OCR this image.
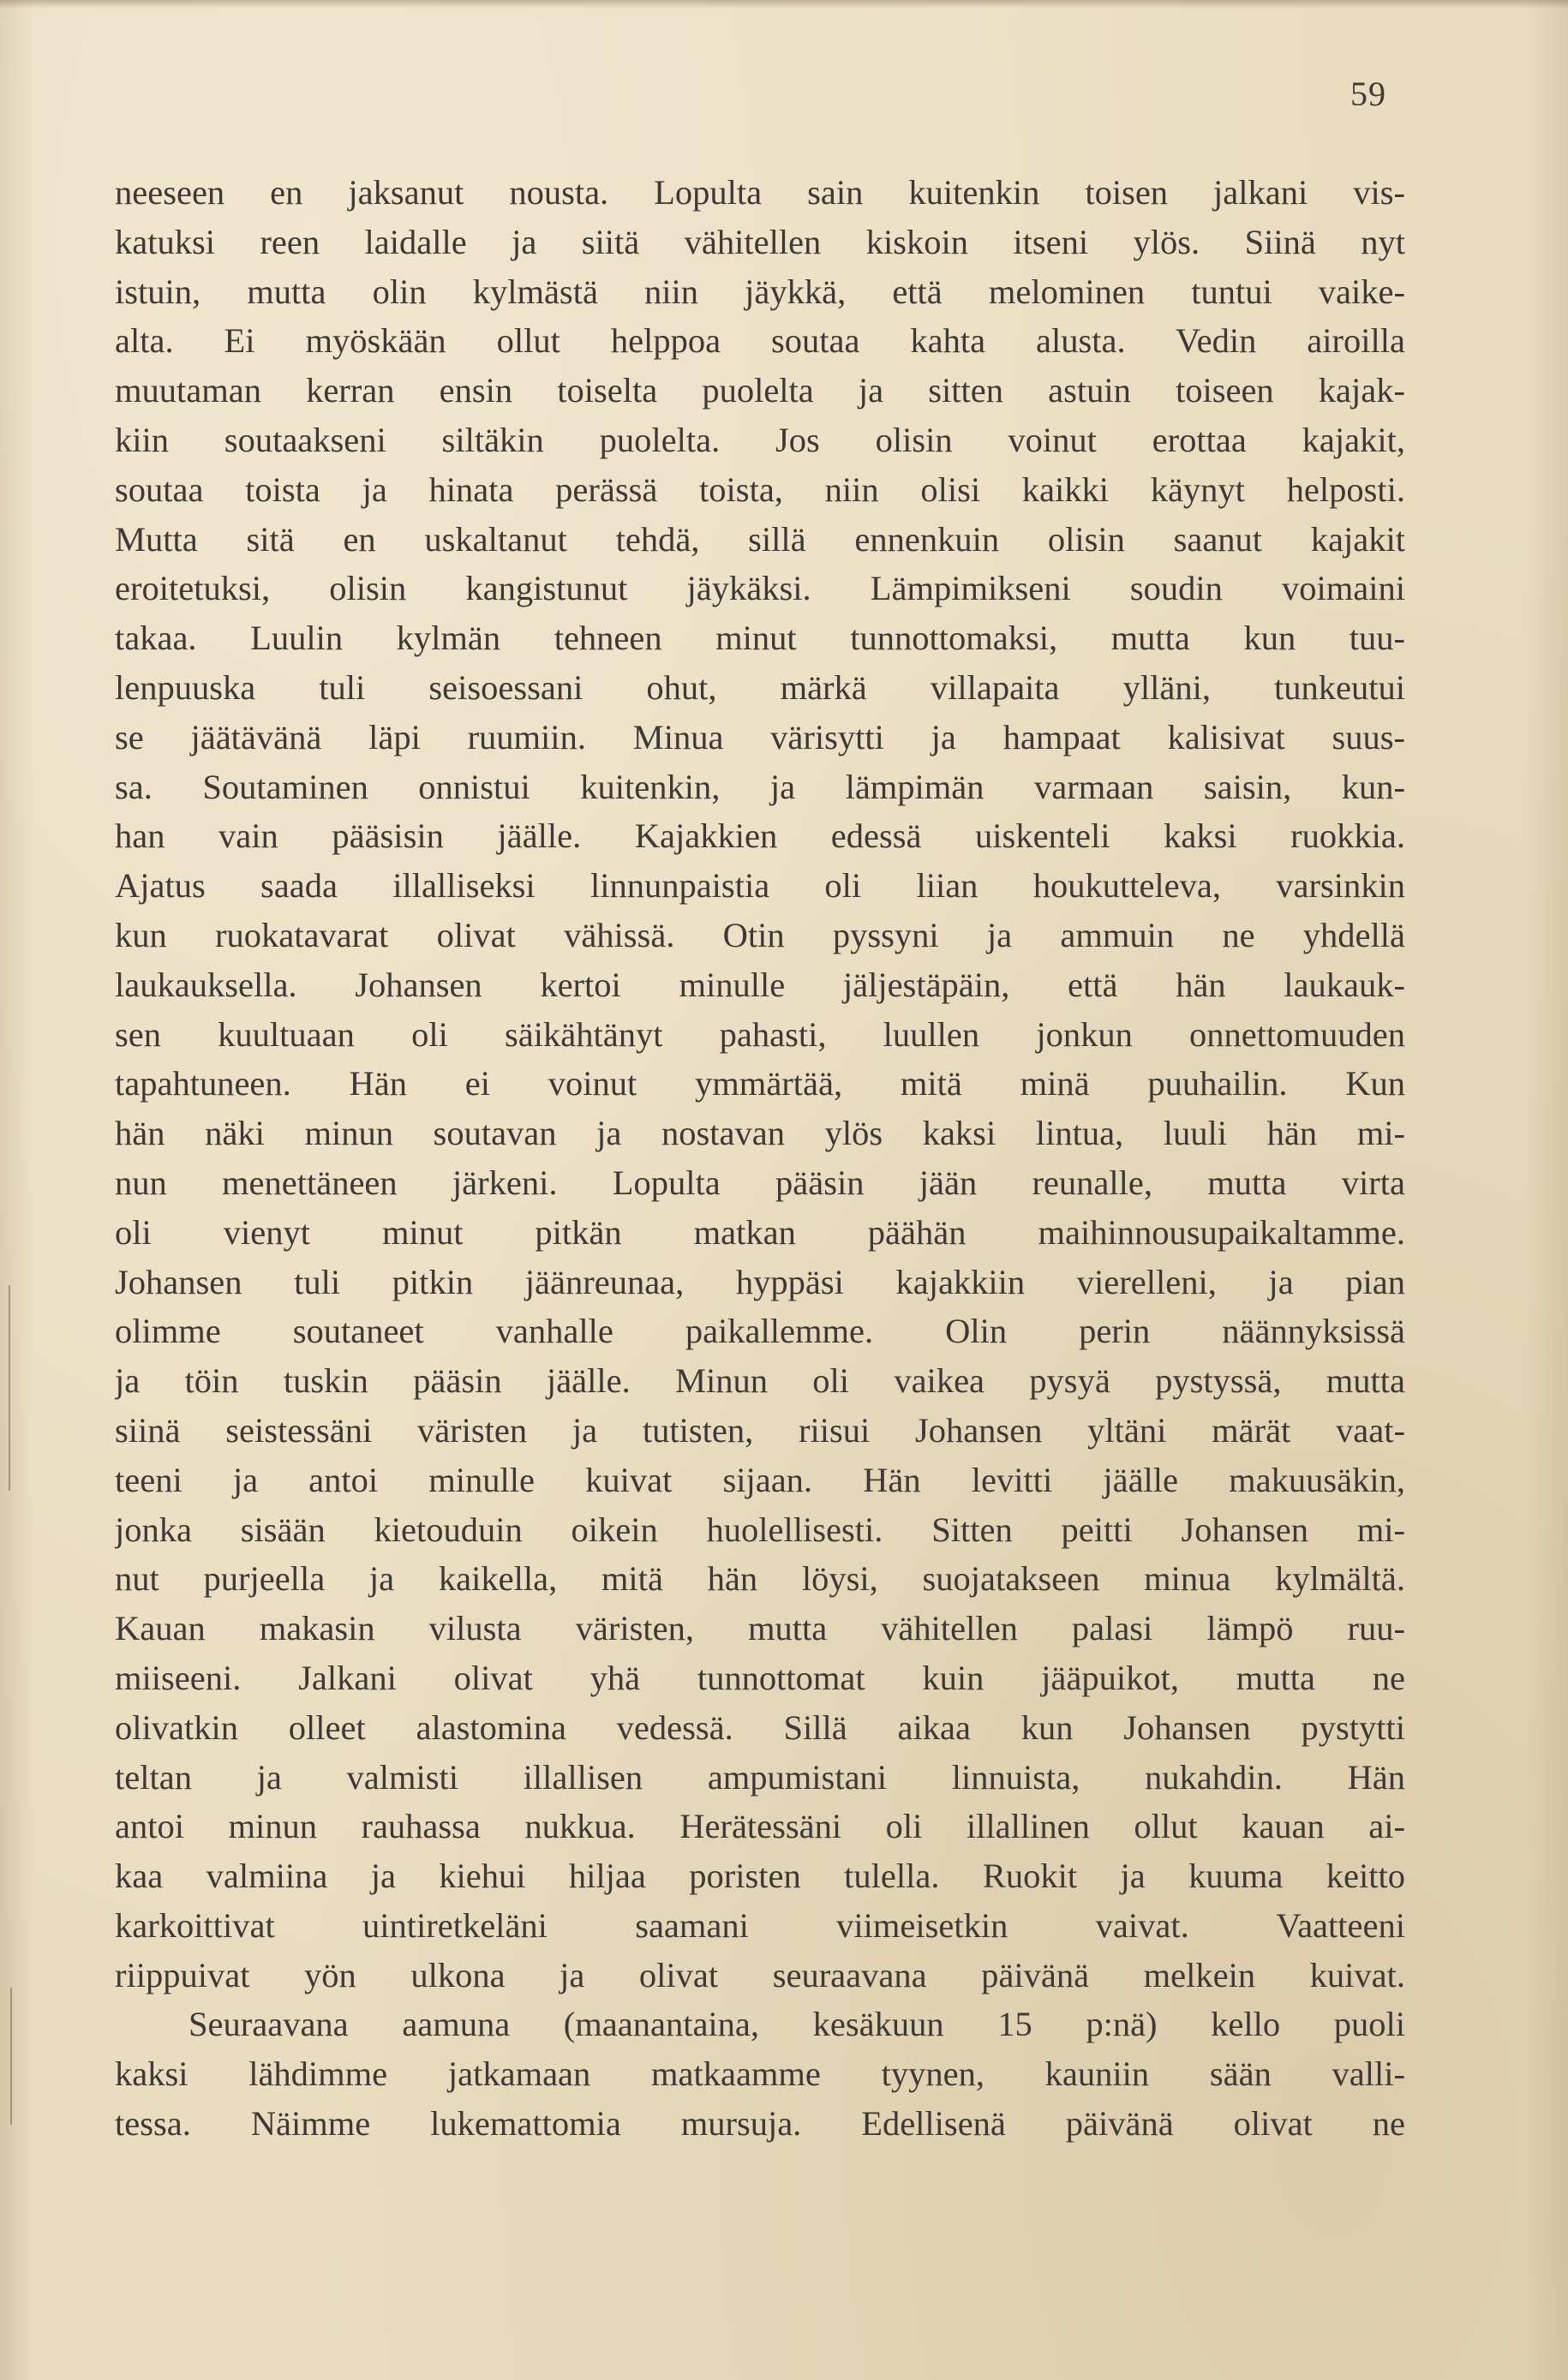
59
neeseen en jaksanut nousta. Lopulta sain kuitenkin toisen jalkani vis-
katuksi reen laidalle ja siitä vähitellen kiskoin itseni ylös. Siinä nyt
istuin, mutta olin kylmästä niin jäykkä, että melominen tuntui vaike-
alta. Ei myöskään ollut helppoa soutaa kahta alusta. Vedin airoilla
muutaman kerran ensin toiselta puolelta ja sitten astuin toiseen kajak-
kiin soutaakseni siltäkin puolelta. Jos olisin voinut erottaa kajakit,
soutaa toista ja hinata perässä toista, niin olisi kaikki käynyt helposti.
Mutta sitä en uskaltanut tehdä, sillä ennenkuin olisin saanut kajakit
eroitetuksi, olisin kangistunut jäykäksi. Lämpimikseni soudin voimaini
takaa. Luulin kylmän tehneen minut tunnottomaksi, mutta kun tuu-
lenpuuska tuli seisoessani ohut, märkä villapaita ylläni, tunkeutui
se jäätävänä läpi ruumiin. Minua värisytti ja hampaat kalisivat suus-
sa. Soutaminen onnistui kuitenkin, ja lämpimän varmaan saisin, kun-
han vain pääsisin jäälle. Kajakkien edessä uiskenteli kaksi ruokkia.
Ajatus saada illalliseksi linnunpaistia oli liian houkutteleva, varsinkin
kun ruokatavarat olivat vähissä. Otin pyssyni ja ammuin ne yhdellä
laukauksella. Johansen kertoi minulle jäljestäpäin, että hän laukauk-
sen kuultuaan oli säikähtänyt pahasti, luullen jonkun onnettomuuden
tapahtuneen. Hän ei voinut ymmärtää, mitä minä puuhailin. Kun
hän näki minun soutavan ja nostavan ylös kaksi lintua, luuli hän mi-
nun menettäneen järkeni. Lopulta pääsin jään reunalle, mutta virta
oli vienyt minut pitkän matkan päähän maihinnousupaikaltamme.
Johansen tuli pitkin jäänreunaa, hyppäsi kajakkiin vierelleni, ja pian
olimme soutaneet vanhalle paikallemme. Olin perin näännyksissä
ja töin tuskin pääsin jäälle. Minun oli vaikea pysyä pystyssä, mutta
siinä seistessäni väristen ja tutisten, riisui Johansen yltäni märät vaat-
teeni ja antoi minulle kuivat sijaan. Hän levitti jäälle makuusäkin,
jonka sisään kietouduin oikein huolellisesti. Sitten peitti Johansen mi-
nut purjeella ja kaikella, mitä hän löysi, suojatakseen minua kylmältä.
Kauan makasin vilusta väristen, mutta vähitellen palasi lämpö ruu-
miiseeni. Jalkani olivat yhä tunnottomat kuin jääpuikot, mutta ne
olivatkin olleet alastomina vedessä. Sillä aikaa kun Johansen pystytti
teltan ja valmisti illallisen ampumistani linnuista, nukahdin. Hän
antoi minun rauhassa nukkua. Herätessäni oli illallinen ollut kauan ai-
kaa valmiina ja kiehui hiljaa poristen tulella. Ruokit ja kuuma keitto
karkoittivat uintiretkeläni saamani viimeisetkin vaivat. Vaatteeni
riippuivat yön ulkona ja olivat seuraavana päivänä melkein kuivat.
Seuraavana aamuna (maanantaina, kesäkuun 15 p:nä) kello puoli
kaksi lähdimme jatkamaan matkaamme tyynen, kauniin sään valli-
tessa. Näimme lukemattomia mursuja. Edellisenä päivänä olivat ne
